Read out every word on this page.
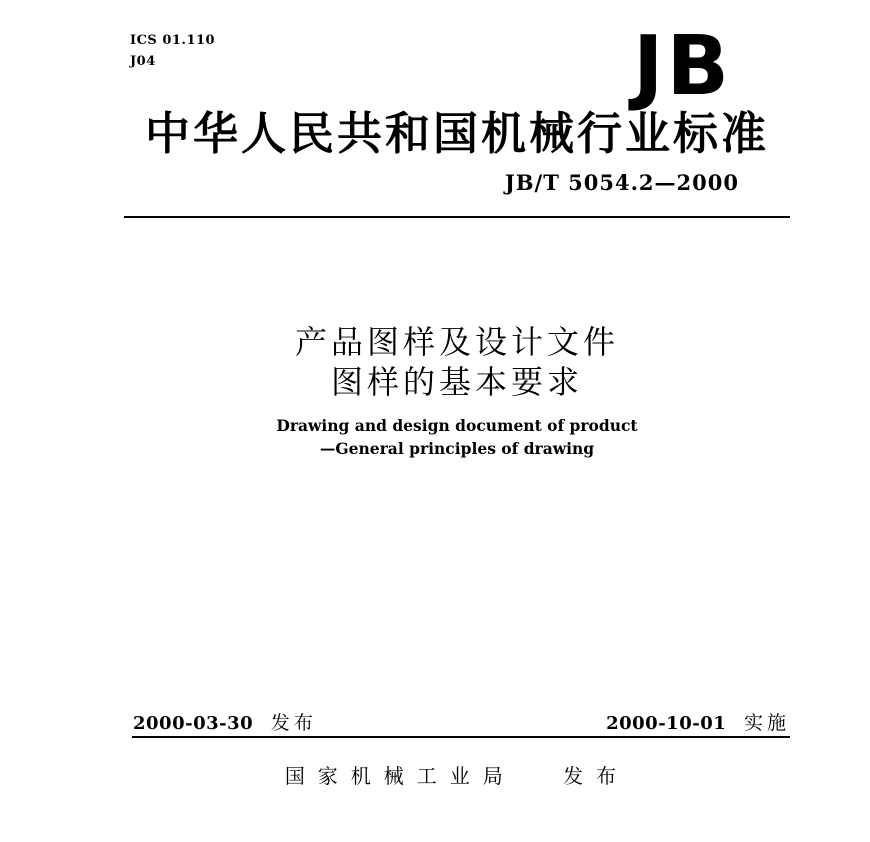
ICS 01.110
J04	JB
中华人民共和国机械行业标准
JB/T 5054.2—2000
产品图样及设计文件
图样的基本要求
Drawing and design document of product
—General principles of drawing
2000-03-30 发布	2000-10-01 实施
国家机械工业局 发布
